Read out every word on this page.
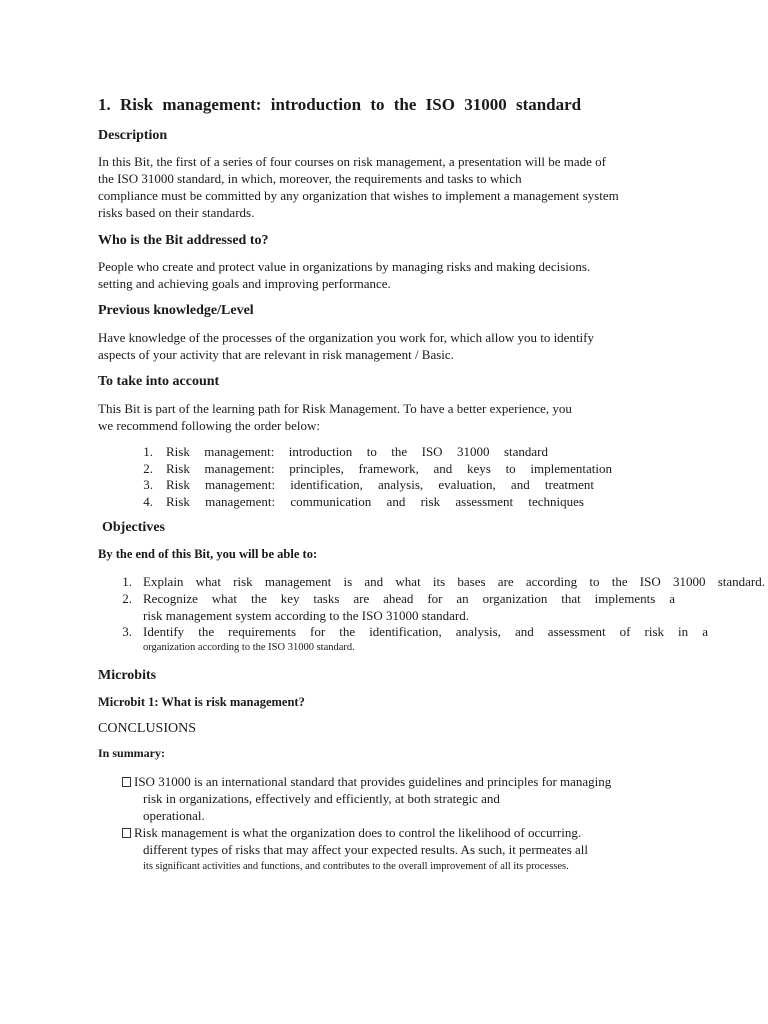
1. Risk management: introduction to the ISO 31000 standard
Description
In this Bit, the first of a series of four courses on risk management, a presentation will be made of
the ISO 31000 standard, in which, moreover, the requirements and tasks to which
compliance must be committed by any organization that wishes to implement a management system
risks based on their standards.
Who is the Bit addressed to?
People who create and protect value in organizations by managing risks and making decisions.
setting and achieving goals and improving performance.
Previous knowledge/Level
Have knowledge of the processes of the organization you work for, which allow you to identify
aspects of your activity that are relevant in risk management / Basic.
To take into account
This Bit is part of the learning path for Risk Management. To have a better experience, you
we recommend following the order below:
1. Risk management: introduction to the ISO 31000 standard
2. Risk management: principles, framework, and keys to implementation
3. Risk management: identification, analysis, evaluation, and treatment
4. Risk management: communication and risk assessment techniques
Objectives
By the end of this Bit, you will be able to:
1. Explain what risk management is and what its bases are according to the ISO 31000 standard.
2. Recognize what the key tasks are ahead for an organization that implements a
risk management system according to the ISO 31000 standard.
3. Identify the requirements for the identification, analysis, and assessment of risk in a
organization according to the ISO 31000 standard.
Microbits
Microbit 1: What is risk management?
CONCLUSIONS
In summary:
ISO 31000 is an international standard that provides guidelines and principles for managing
risk in organizations, effectively and efficiently, at both strategic and
operational.
Risk management is what the organization does to control the likelihood of occurring.
different types of risks that may affect your expected results. As such, it permeates all
its significant activities and functions, and contributes to the overall improvement of all its processes.
